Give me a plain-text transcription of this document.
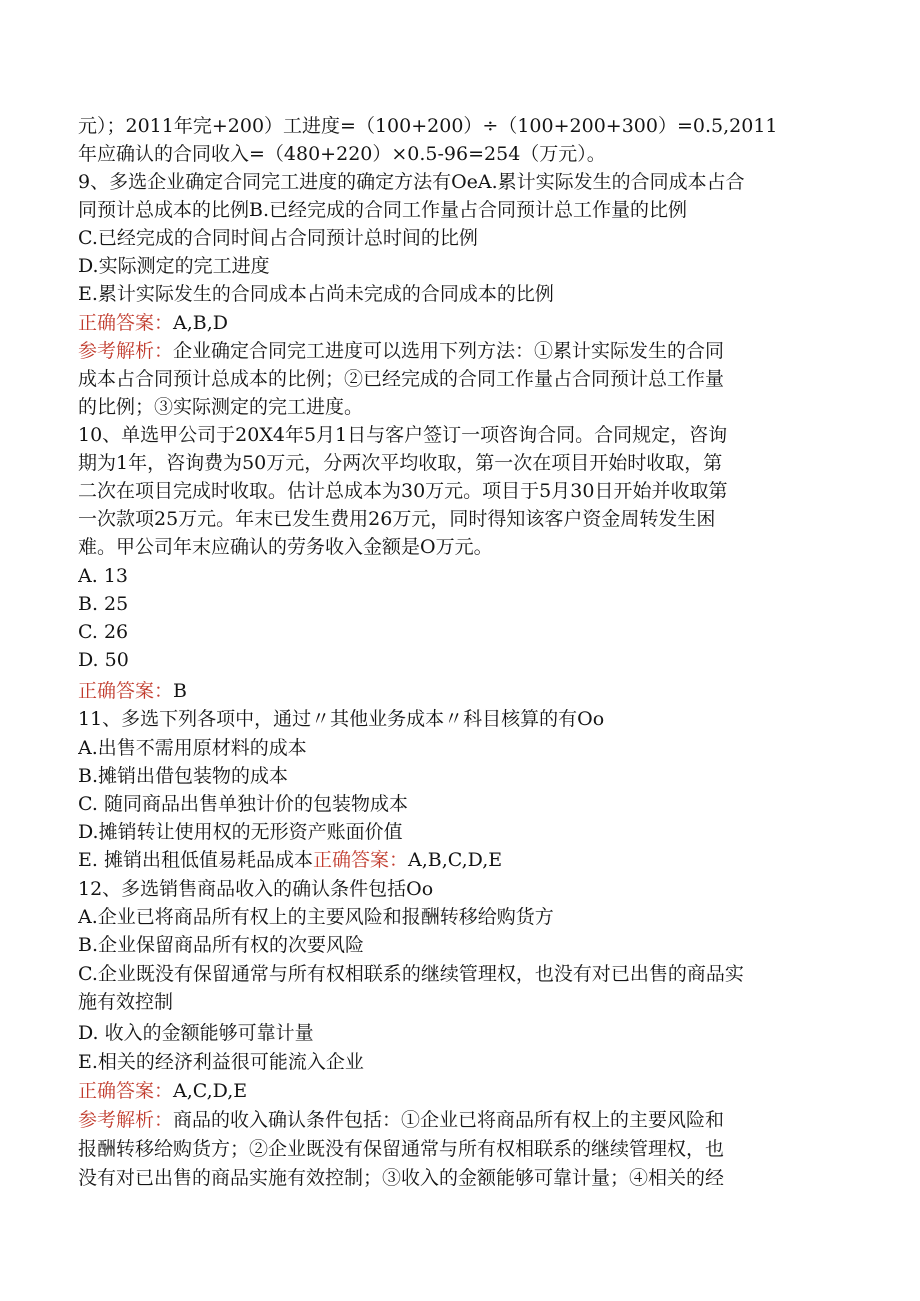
元）；2011年完+200）工进度=（100+200）÷（100+200+300）=0.5,2011
年应确认的合同收入=（480+220）×0.5-96=254（万元）。
9、多选企业确定合同完工进度的确定方法有OeA.累计实际发生的合同成本占合
同预计总成本的比例B.已经完成的合同工作量占合同预计总工作量的比例
C.已经完成的合同时间占合同预计总时间的比例
D.实际测定的完工进度
E.累计实际发生的合同成本占尚未完成的合同成本的比例
正确答案：A,B,D
参考解析：企业确定合同完工进度可以选用下列方法：①累计实际发生的合同
成本占合同预计总成本的比例；②已经完成的合同工作量占合同预计总工作量
的比例；③实际测定的完工进度。
10、单选甲公司于20X4年5月1日与客户签订一项咨询合同。合同规定，咨询
期为1年，咨询费为50万元，分两次平均收取，第一次在项目开始时收取，第
二次在项目完成时收取。估计总成本为30万元。项目于5月30日开始并收取第
一次款项25万元。年末已发生费用26万元，同时得知该客户资金周转发生困
难。甲公司年末应确认的劳务收入金额是O万元。
A. 13
B. 25
C. 26
D. 50
正确答案：B
11、多选下列各项中，通过〃其他业务成本〃科目核算的有Oo
A.出售不需用原材料的成本
B.摊销出借包装物的成本
C. 随同商品出售单独计价的包装物成本
D.摊销转让使用权的无形资产账面价值
E. 摊销出租低值易耗品成本正确答案：A,B,C,D,E
12、多选销售商品收入的确认条件包括Oo
A.企业已将商品所有权上的主要风险和报酬转移给购货方
B.企业保留商品所有权的次要风险
C.企业既没有保留通常与所有权相联系的继续管理权，也没有对已出售的商品实
施有效控制
D. 收入的金额能够可靠计量
E.相关的经济利益很可能流入企业
正确答案：A,C,D,E
参考解析：商品的收入确认条件包括：①企业已将商品所有权上的主要风险和
报酬转移给购货方；②企业既没有保留通常与所有权相联系的继续管理权，也
没有对已出售的商品实施有效控制；③收入的金额能够可靠计量；④相关的经
